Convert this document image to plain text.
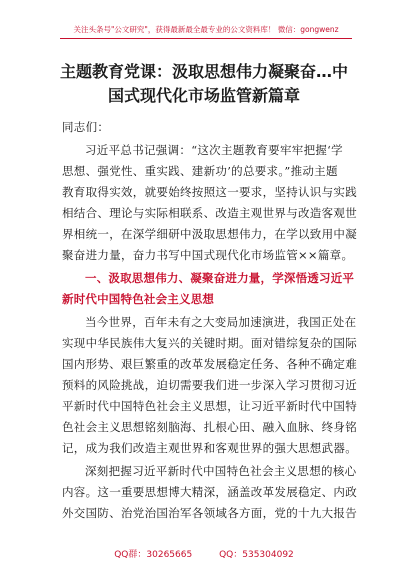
关注头条号"公文研究"，获得最新最全最专业的公文资料库！ 微信：gongwenz
主题教育党课：汲取思想伟力凝聚奋…中
国式现代化市场监管新篇章

同志们：

习近平总书记强调：“这次主题教育要牢牢把握‘学
思想、强党性、重实践、建新功’的总要求。”推动主题
教育取得实效，就要始终按照这一要求，坚持认识与实践
相结合、理论与实际相联系、改造主观世界与改造客观世
界相统一，在深学细研中汲取思想伟力，在学以致用中凝
聚奋进力量，奋力书写中国式现代化市场监管××篇章。

一、汲取思想伟力、凝聚奋进力量，学深悟透习近平
新时代中国特色社会主义思想

当今世界，百年未有之大变局加速演进，我国正处在
实现中华民族伟大复兴的关键时期。面对错综复杂的国际
国内形势、艰巨繁重的改革发展稳定任务、各种不确定难
预料的风险挑战，迫切需要我们进一步深入学习贯彻习近
平新时代中国特色社会主义思想，让习近平新时代中国特
色社会主义思想铭刻脑海、扎根心田、融入血脉、终身铭
记，成为我们改造主观世界和客观世界的强大思想武器。

深刻把握习近平新时代中国特色社会主义思想的核心
内容。这一重要思想博大精深，涵盖改革发展稳定、内政
外交国防、治党治国治军各领域各方面，党的十九大报告

QQ群：30265665	QQ：535304092
